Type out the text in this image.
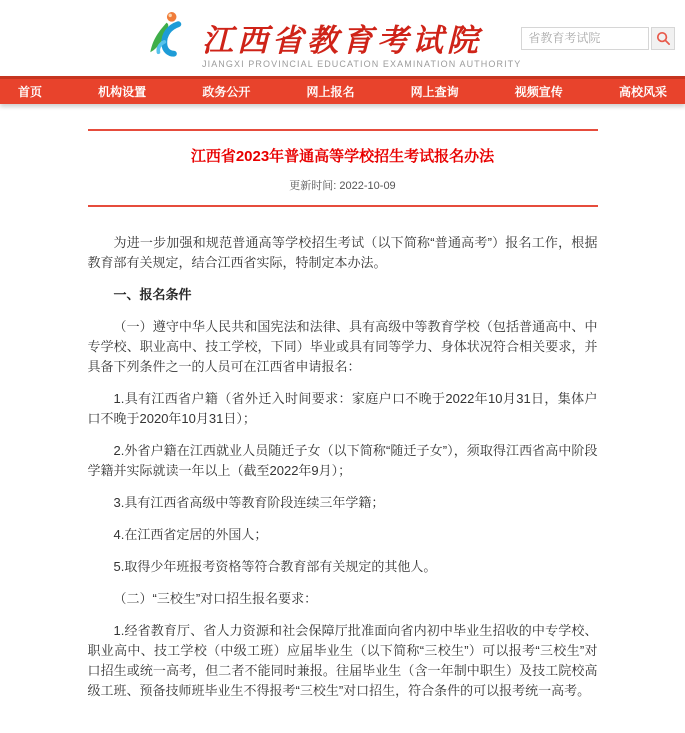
江西省教育考试院
JIANGXI PROVINCIAL EDUCATION EXAMINATION AUTHORITY
省教育考试院
首页	机构设置	政务公开	网上报名	网上查询	视频宣传	高校风采
江西省2023年普通高等学校招生考试报名办法
更新时间: 2022-10-09

为进一步加强和规范普通高等学校招生考试（以下简称“普通高考”）报名工作，根据教育部有关规定，结合江西省实际，特制定本办法。

一、报名条件

（一）遵守中华人民共和国宪法和法律、具有高级中等教育学校（包括普通高中、中专学校、职业高中、技工学校，下同）毕业或具有同等学力、身体状况符合相关要求，并具备下列条件之一的人员可在江西省申请报名：

1.具有江西省户籍（省外迁入时间要求：家庭户口不晚于2022年10月31日，集体户口不晚于2020年10月31日）；

2.外省户籍在江西就业人员随迁子女（以下简称“随迁子女”），须取得江西省高中阶段学籍并实际就读一年以上（截至2022年9月）；

3.具有江西省高级中等教育阶段连续三年学籍；

4.在江西省定居的外国人；

5.取得少年班报考资格等符合教育部有关规定的其他人。

（二）“三校生”对口招生报名要求：

1.经省教育厅、省人力资源和社会保障厅批准面向省内初中毕业生招收的中专学校、职业高中、技工学校（中级工班）应届毕业生（以下简称“三校生”）可以报考“三校生”对口招生或统一高考，但二者不能同时兼报。往届毕业生（含一年制中职生）及技工院校高级工班、预备技师班毕业生不得报考“三校生”对口招生，符合条件的可以报考统一高考。
